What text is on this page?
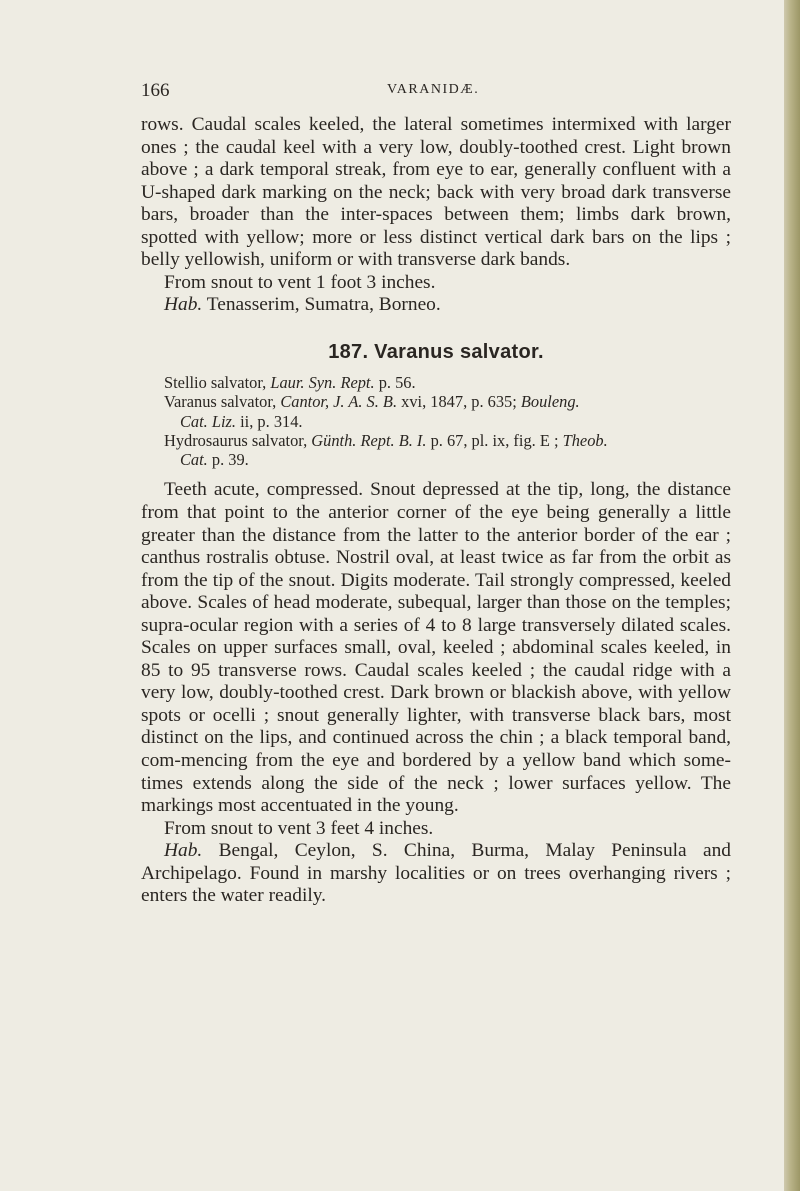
166	VARANIDÆ.

rows. Caudal scales keeled, the lateral sometimes intermixed with larger ones ; the caudal keel with a very low, doubly-toothed crest. Light brown above ; a dark temporal streak, from eye to ear, generally confluent with a U-shaped dark marking on the neck; back with very broad dark transverse bars, broader than the inter-spaces between them; limbs dark brown, spotted with yellow; more or less distinct vertical dark bars on the lips ; belly yellowish, uniform or with transverse dark bands.

From snout to vent 1 foot 3 inches.

Hab. Tenasserim, Sumatra, Borneo.

187. Varanus salvator.
Stellio salvator, Laur. Syn. Rept. p. 56.
Varanus salvator, Cantor, J. A. S. B. xvi, 1847, p. 635; Bouleng.
Cat. Liz. ii, p. 314.
Hydrosaurus salvator, Günth. Rept. B. I. p. 67, pl. ix, fig. E ; Theob.
Cat. p. 39.

Teeth acute, compressed. Snout depressed at the tip, long, the distance from that point to the anterior corner of the eye being generally a little greater than the distance from the latter to the anterior border of the ear ; canthus rostralis obtuse. Nostril oval, at least twice as far from the orbit as from the tip of the snout. Digits moderate. Tail strongly compressed, keeled above. Scales of head moderate, subequal, larger than those on the temples; supra-ocular region with a series of 4 to 8 large transversely dilated scales. Scales on upper surfaces small, oval, keeled ; abdominal scales keeled, in 85 to 95 transverse rows. Caudal scales keeled ; the caudal ridge with a very low, doubly-toothed crest. Dark brown or blackish above, with yellow spots or ocelli ; snout generally lighter, with transverse black bars, most distinct on the lips, and continued across the chin ; a black temporal band, com-mencing from the eye and bordered by a yellow band which some-times extends along the side of the neck ; lower surfaces yellow. The markings most accentuated in the young.

From snout to vent 3 feet 4 inches.

Hab. Bengal, Ceylon, S. China, Burma, Malay Peninsula and Archipelago. Found in marshy localities or on trees overhanging rivers ; enters the water readily.
